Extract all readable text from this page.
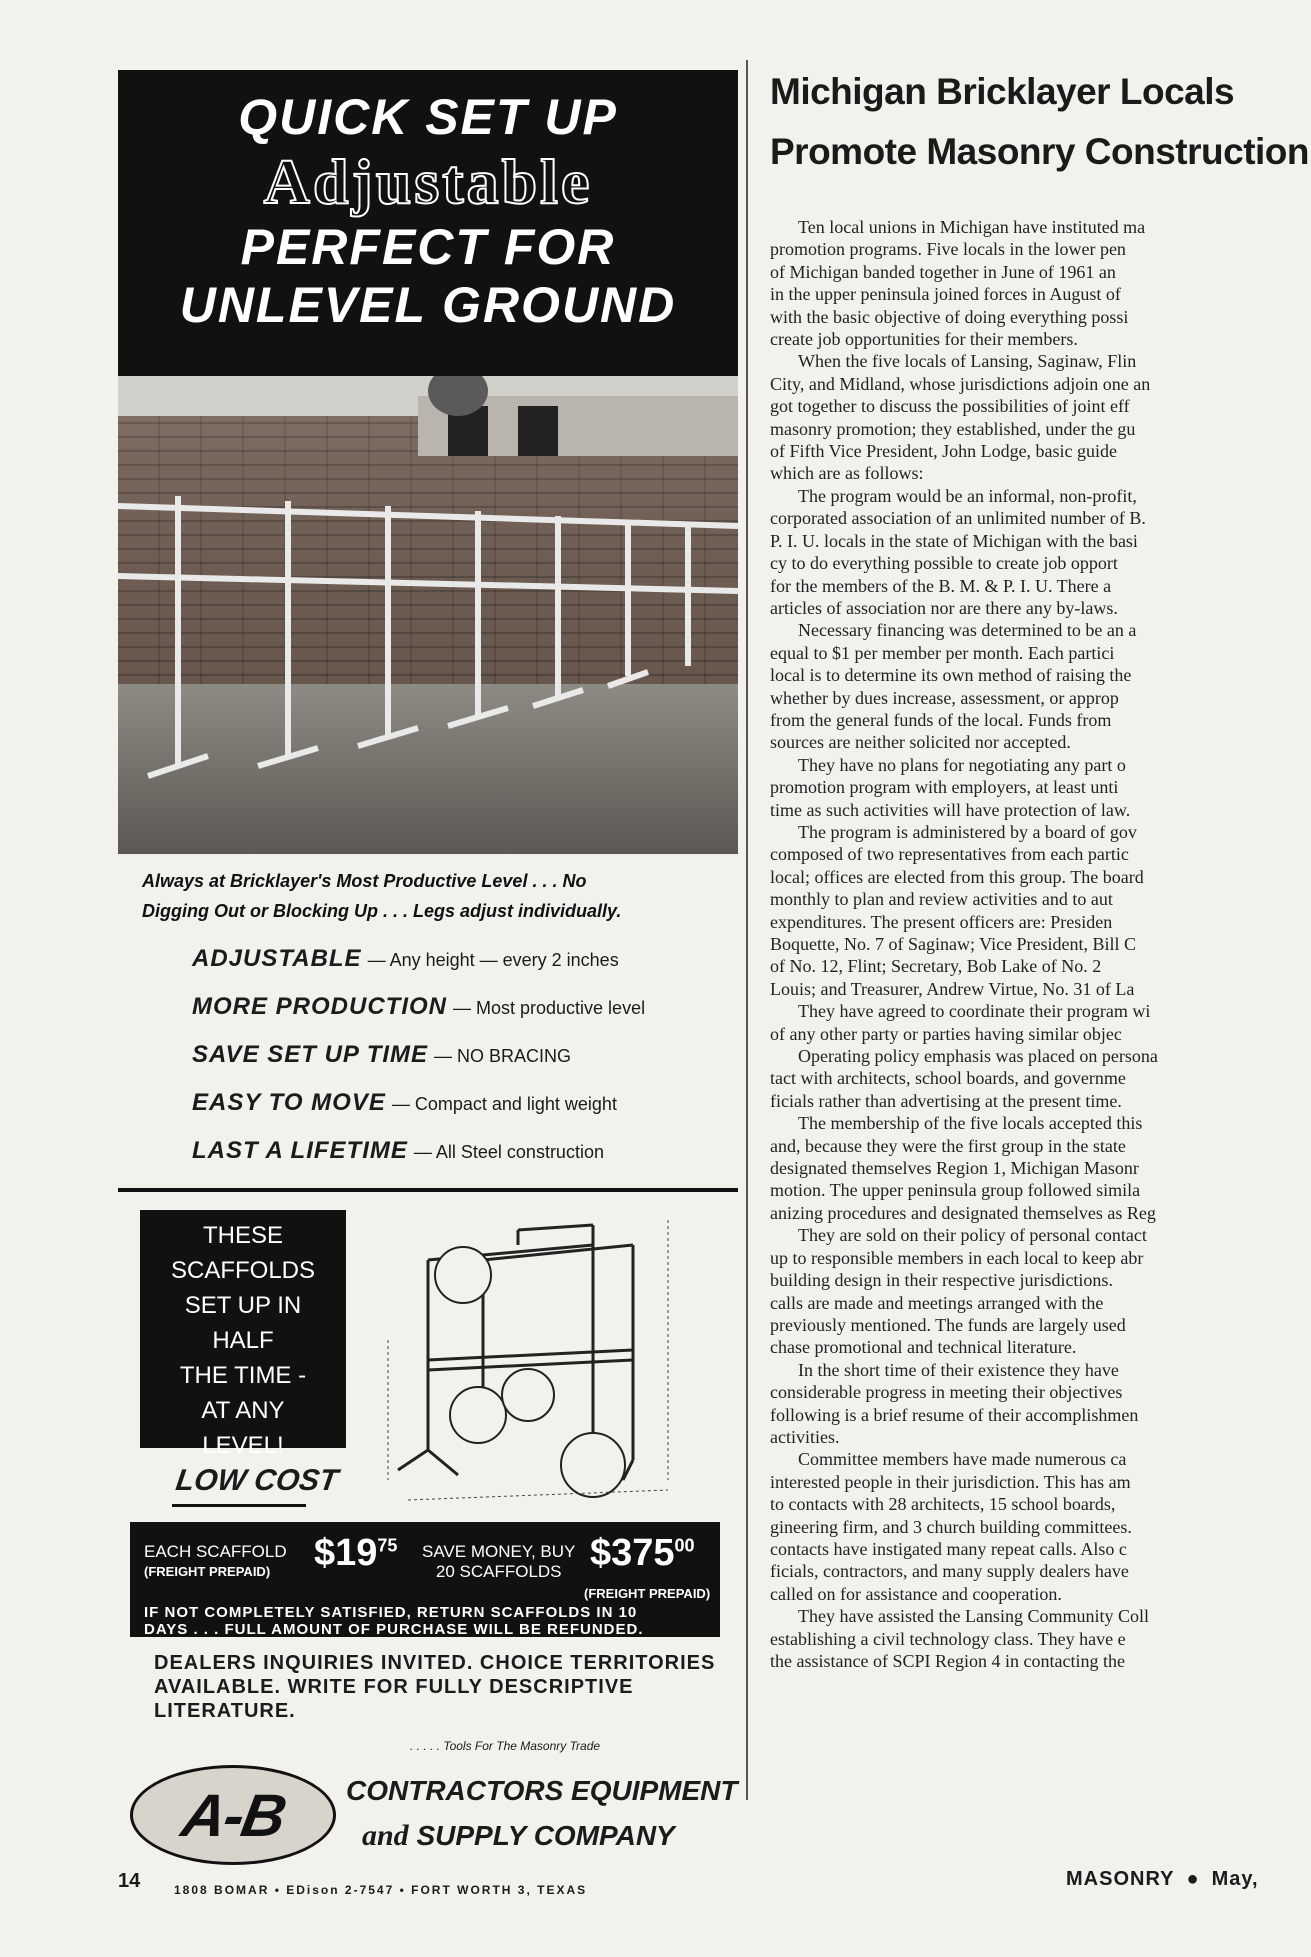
QUICK SET UP
Adjustable
PERFECT FOR
UNLEVEL GROUND
Always at Bricklayer's Most Productive Level . . . No
Digging Out or Blocking Up . . . Legs adjust individually.
ADJUSTABLE — Any height — every 2 inches
MORE PRODUCTION — Most productive level
SAVE SET UP TIME — NO BRACING
EASY TO MOVE — Compact and light weight
LAST A LIFETIME — All Steel construction
THESE
SCAFFOLDS
SET UP IN
HALF
THE TIME -
AT ANY
LEVEL!
LOW COST
EACH SCAFFOLD
(FREIGHT PREPAID)	$\$19^{75}$ SAVE MONEY, BUY
20 SCAFFOLDS $\$375^{00}$
(FREIGHT PREPAID)
IF NOT COMPLETELY SATISFIED, RETURN SCAFFOLDS IN 10
DAYS . . . FULL AMOUNT OF PURCHASE WILL BE REFUNDED.
DEALERS INQUIRIES INVITED. CHOICE TERRITORIES
AVAILABLE. WRITE FOR FULLY DESCRIPTIVE LITERATURE.
. . . . . Tools For The Masonry Trade
A-B CONTRACTORS EQUIPMENT
and SUPPLY COMPANY
1808 BOMAR • EDison 2-7547 • FORT WORTH 3, TEXAS
Michigan Bricklayer Locals
Promote Masonry Construction

Ten local unions in Michigan have instituted ma
promotion programs. Five locals in the lower pen
of Michigan banded together in June of 1961 an
in the upper peninsula joined forces in August of
with the basic objective of doing everything possi
create job opportunities for their members.

When the five locals of Lansing, Saginaw, Flin
City, and Midland, whose jurisdictions adjoin one an
got together to discuss the possibilities of joint eff
masonry promotion; they established, under the gu
of Fifth Vice President, John Lodge, basic guide
which are as follows:

The program would be an informal, non-profit,
corporated association of an unlimited number of B.
P. I. U. locals in the state of Michigan with the basi
cy to do everything possible to create job opport
for the members of the B. M. & P. I. U. There a
articles of association nor are there any by-laws.

Necessary financing was determined to be an a
equal to $1 per member per month. Each partici
local is to determine its own method of raising the
whether by dues increase, assessment, or approp
from the general funds of the local. Funds from
sources are neither solicited nor accepted.

They have no plans for negotiating any part o
promotion program with employers, at least unti
time as such activities will have protection of law.

The program is administered by a board of gov
composed of two representatives from each partic
local; offices are elected from this group. The board
monthly to plan and review activities and to aut
expenditures. The present officers are: Presiden
Boquette, No. 7 of Saginaw; Vice President, Bill C
of No. 12, Flint; Secretary, Bob Lake of No. 2
Louis; and Treasurer, Andrew Virtue, No. 31 of La

They have agreed to coordinate their program wi
of any other party or parties having similar objec

Operating policy emphasis was placed on persona
tact with architects, school boards, and governme
ficials rather than advertising at the present time.

The membership of the five locals accepted this
and, because they were the first group in the state
designated themselves Region 1, Michigan Masonr
motion. The upper peninsula group followed simila
anizing procedures and designated themselves as Reg

They are sold on their policy of personal contact
up to responsible members in each local to keep abr
building design in their respective jurisdictions.
calls are made and meetings arranged with the
previously mentioned. The funds are largely used
chase promotional and technical literature.

In the short time of their existence they have
considerable progress in meeting their objectives
following is a brief resume of their accomplishmen
activities.

Committee members have made numerous ca
interested people in their jurisdiction. This has am
to contacts with 28 architects, 15 school boards,
gineering firm, and 3 church building committees.
contacts have instigated many repeat calls. Also c
ficials, contractors, and many supply dealers have
called on for assistance and cooperation.

They have assisted the Lansing Community Coll
establishing a civil technology class. They have e
the assistance of SCPI Region 4 in contacting the

14	MASONRY ● May,
